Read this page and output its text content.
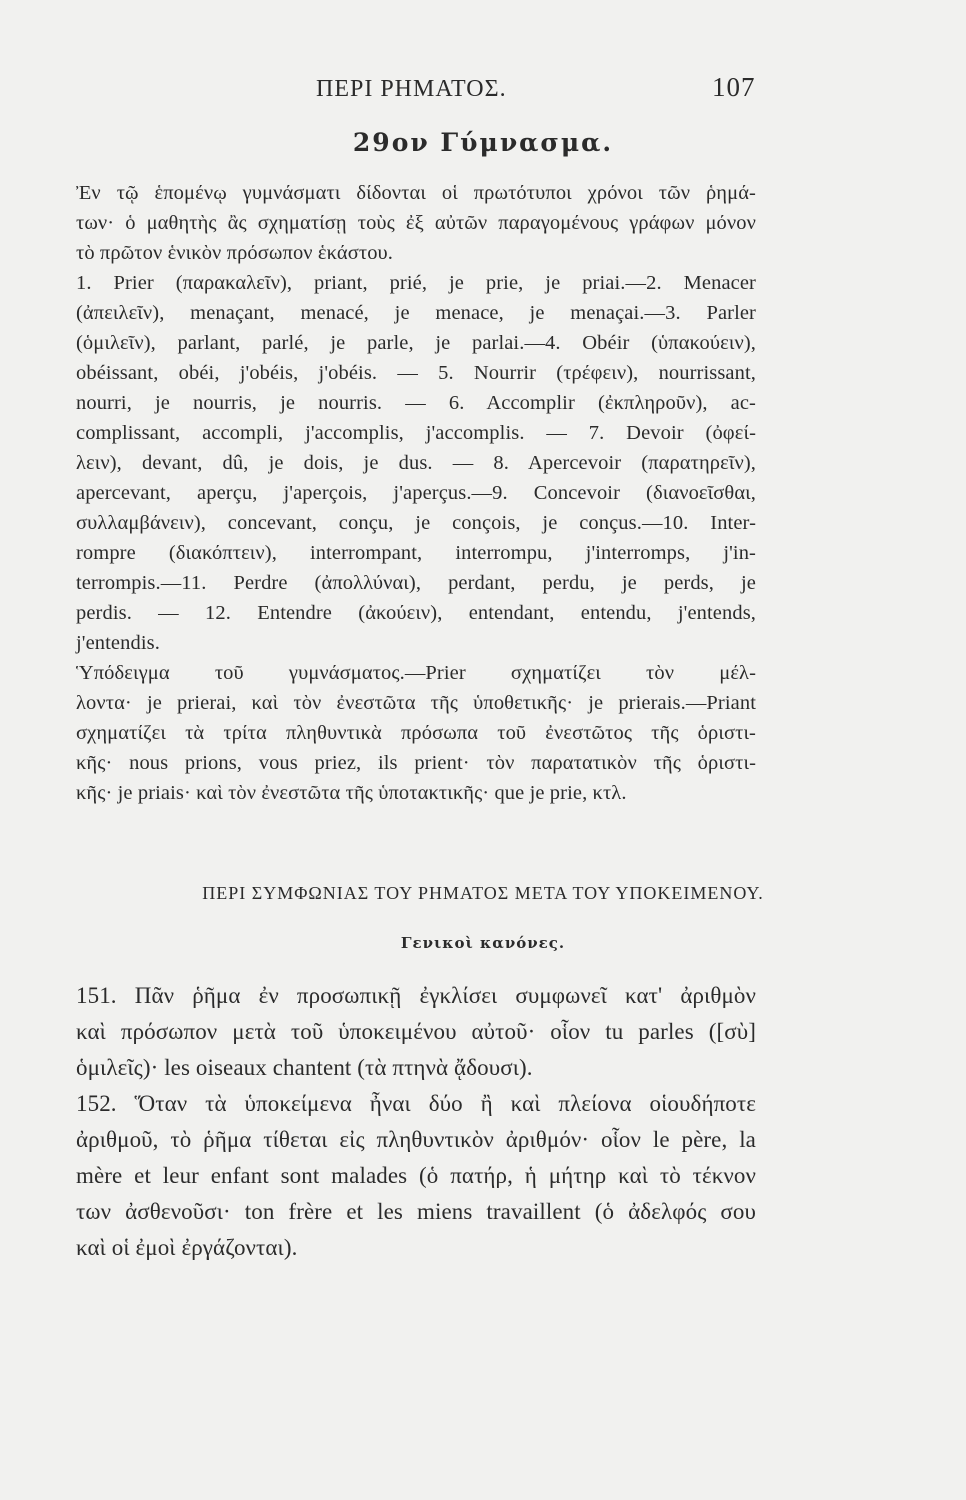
ΠΕΡΙ ΡΗΜΑΤΟΣ.	107
29ον Γύμνασμα.
Ἐν τῷ ἑπομένῳ γυμνάσματι δίδονται οἱ πρωτότυποι χρόνοι τῶν ῥημά-
των· ὁ μαθητὴς ἂς σχηματίσῃ τοὺς ἐξ αὐτῶν παραγομένους γράφων μόνον
τὸ πρῶτον ἑνικὸν πρόσωπον ἑκάστου.
1. Prier (παρακαλεῖν), priant, prié, je prie, je priai.—2. Menacer
(ἀπειλεῖν), menaçant, menacé, je menace, je menaçai.—3. Parler
(ὁμιλεῖν), parlant, parlé, je parle, je parlai.—4. Obéir (ὑπακούειν),
obéissant, obéi, j'obéis, j'obéis. — 5. Nourrir (τρέφειν), nourrissant,
nourri, je nourris, je nourris. — 6. Accomplir (ἐκπληροῦν), ac-
complissant, accompli, j'accomplis, j'accomplis. — 7. Devoir (ὀφεί-
λειν), devant, dû, je dois, je dus. — 8. Apercevoir (παρατηρεῖν),
apercevant, aperçu, j'aperçois, j'aperçus.—9. Concevoir (διανοεῖσθαι,
συλλαμβάνειν), concevant, conçu, je conçois, je conçus.—10. Inter-
rompre (διακόπτειν), interrompant, interrompu, j'interromps, j'in-
terrompis.—11. Perdre (ἀπολλύναι), perdant, perdu, je perds, je
perdis. — 12. Entendre (ἀκούειν), entendant, entendu, j'entends,
j'entendis.
Ὑπόδειγμα τοῦ γυμνάσματος.—Prier σχηματίζει τὸν μέλ-
λοντα· je prierai, καὶ τὸν ἐνεστῶτα τῆς ὑποθετικῆς· je prierais.—Priant
σχηματίζει τὰ τρίτα πληθυντικὰ πρόσωπα τοῦ ἐνεστῶτος τῆς ὁριστι-
κῆς· nous prions, vous priez, ils prient· τὸν παρατατικὸν τῆς ὁριστι-
κῆς· je priais· καὶ τὸν ἐνεστῶτα τῆς ὑποτακτικῆς· que je prie, κτλ.
ΠΕΡΙ ΣΥΜΦΩΝΙΑΣ ΤΟΥ ΡΗΜΑΤΟΣ ΜΕΤΑ ΤΟΥ ΥΠΟΚΕΙΜΕΝΟΥ.
Γενικοὶ κανόνες.
151. Πᾶν ῥῆμα ἐν προσωπικῇ ἐγκλίσει συμφωνεῖ κατ' ἀριθμὸν
καὶ πρόσωπον μετὰ τοῦ ὑποκειμένου αὐτοῦ· οἷον tu parles ([σὺ]
ὁμιλεῖς)· les oiseaux chantent (τὰ πτηνὰ ᾄδουσι).
152. Ὅταν τὰ ὑποκείμενα ἦναι δύο ἢ καὶ πλείονα οἱουδήποτε
ἀριθμοῦ, τὸ ῥῆμα τίθεται εἰς πληθυντικὸν ἀριθμόν· οἷον le père, la
mère et leur enfant sont malades (ὁ πατήρ, ἡ μήτηρ καὶ τὸ τέκνον
των ἀσθενοῦσι· ton frère et les miens travaillent (ὁ ἀδελφός σου
καὶ οἱ ἐμοὶ ἐργάζονται).
